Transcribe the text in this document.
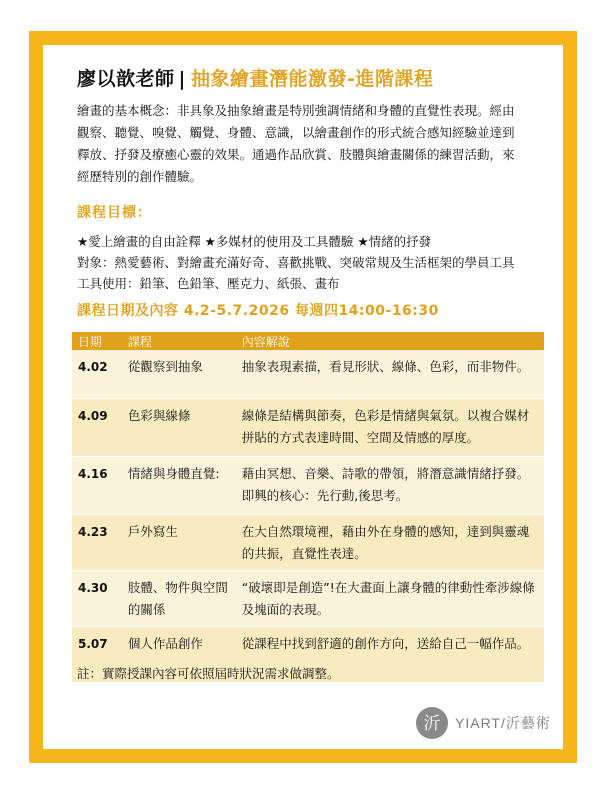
廖以歆老師 | 抽象繪畫潛能激發-進階課程
繪畫的基本概念：非具象及抽象繪畫是特別強調情緒和身體的直覺性表現。經由
觀察、聽覺、嗅覺、觸覺、身體、意識，以繪畫創作的形式統合感知經驗並達到
釋放、抒發及療癒心靈的效果。通過作品欣賞、肢體與繪畫關係的練習活動，來
經歷特別的創作體驗。
課程目標：
★愛上繪畫的自由詮釋 ★多媒材的使用及工具體驗 ★情緒的抒發
對象：熱愛藝術、對繪畫充滿好奇、喜歡挑戰、突破常規及生活框架的學員工具
工具使用：鉛筆、色鉛筆、壓克力、紙張、畫布
課程日期及內容 4.2-5.7.2026 每週四14:00-16:30
日期	課程	內容解說
4.02	從觀察到抽象	抽象表現素描，看見形狀、線條、色彩，而非物件。
4.09	色彩與線條	線條是結構與節奏，色彩是情緒與氣氛。以複合媒材拼貼的方式表達時間、空間及情感的厚度。
4.16	情緒與身體直覺:	藉由冥想、音樂、詩歌的帶領，將潛意識情緒抒發。即興的核心：先行動,後思考。
4.23	戶外寫生	在大自然環境裡，藉由外在身體的感知，達到與靈魂的共振，直覺性表達。
4.30	肢體、物件與空間的關係	“破壞即是創造”!在大畫面上讓身體的律動性牽涉線條及塊面的表現。
5.07	個人作品創作	從課程中找到舒適的創作方向，送給自己一幅作品。
註：實際授課內容可依照屆時狀況需求做調整。
沂 YIART/沂藝術
